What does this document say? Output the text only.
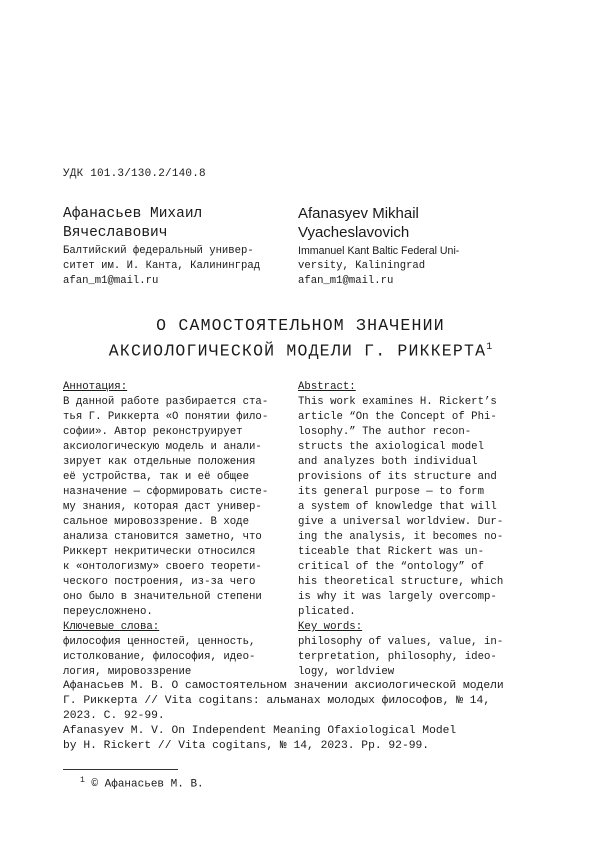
УДК 101.3/130.2/140.8
Афанасьев Михаил
Вячеславович
Afanasyev Mikhail
Vyacheslavovich
Балтийский федеральный универ-
ситет им. И. Канта, Калининград
afan_m1@mail.ru
Immanuel Kant Baltic Federal Uni-
versity, Kaliningrad
afan_m1@mail.ru
О САМОСТОЯТЕЛЬНОМ ЗНАЧЕНИИ
АКСИОЛОГИЧЕСКОЙ МОДЕЛИ Г. РИККЕРТА$^1$
Аннотация:
В данной работе разбирается ста-
тья Г. Риккерта «О понятии фило-
софии». Автор реконструирует
аксиологическую модель и анали-
зирует как отдельные положения
её устройства, так и её общее
назначение — сформировать систе-
му знания, которая даст универ-
сальное мировоззрение. В ходе
анализа становится заметно, что
Риккерт некритически относился
к «онтологизму» своего теорети-
ческого построения, из-за чего
оно было в значительной степени
переусложнено.
Ключевые слова:
философия ценностей, ценность,
истолкование, философия, идео-
логия, мировоззрение
Abstract:
This work examines H. Rickert’s
article “On the Concept of Phi-
losophy.” The author recon-
structs the axiological model
and analyzes both individual
provisions of its structure and
its general purpose — to form
a system of knowledge that will
give a universal worldview. Dur-
ing the analysis, it becomes no-
ticeable that Rickert was un-
critical of the “ontology” of
his theoretical structure, which
is why it was largely overcomp-
plicated.
Key words:
philosophy of values, value, in-
terpretation, philosophy, ideo-
logy, worldview
Афанасьев М. В. О самостоятельном значении аксиологической модели
Г. Риккерта // Vita cogitans: альманах молодых философов, № 14,
2023. С. 92-99.
Afanasyev M. V. On Independent Meaning Ofaxiological Model
by H. Rickert // Vita cogitans, № 14, 2023. Pp. 92-99.
$^1$ © Афанасьев М. В.
